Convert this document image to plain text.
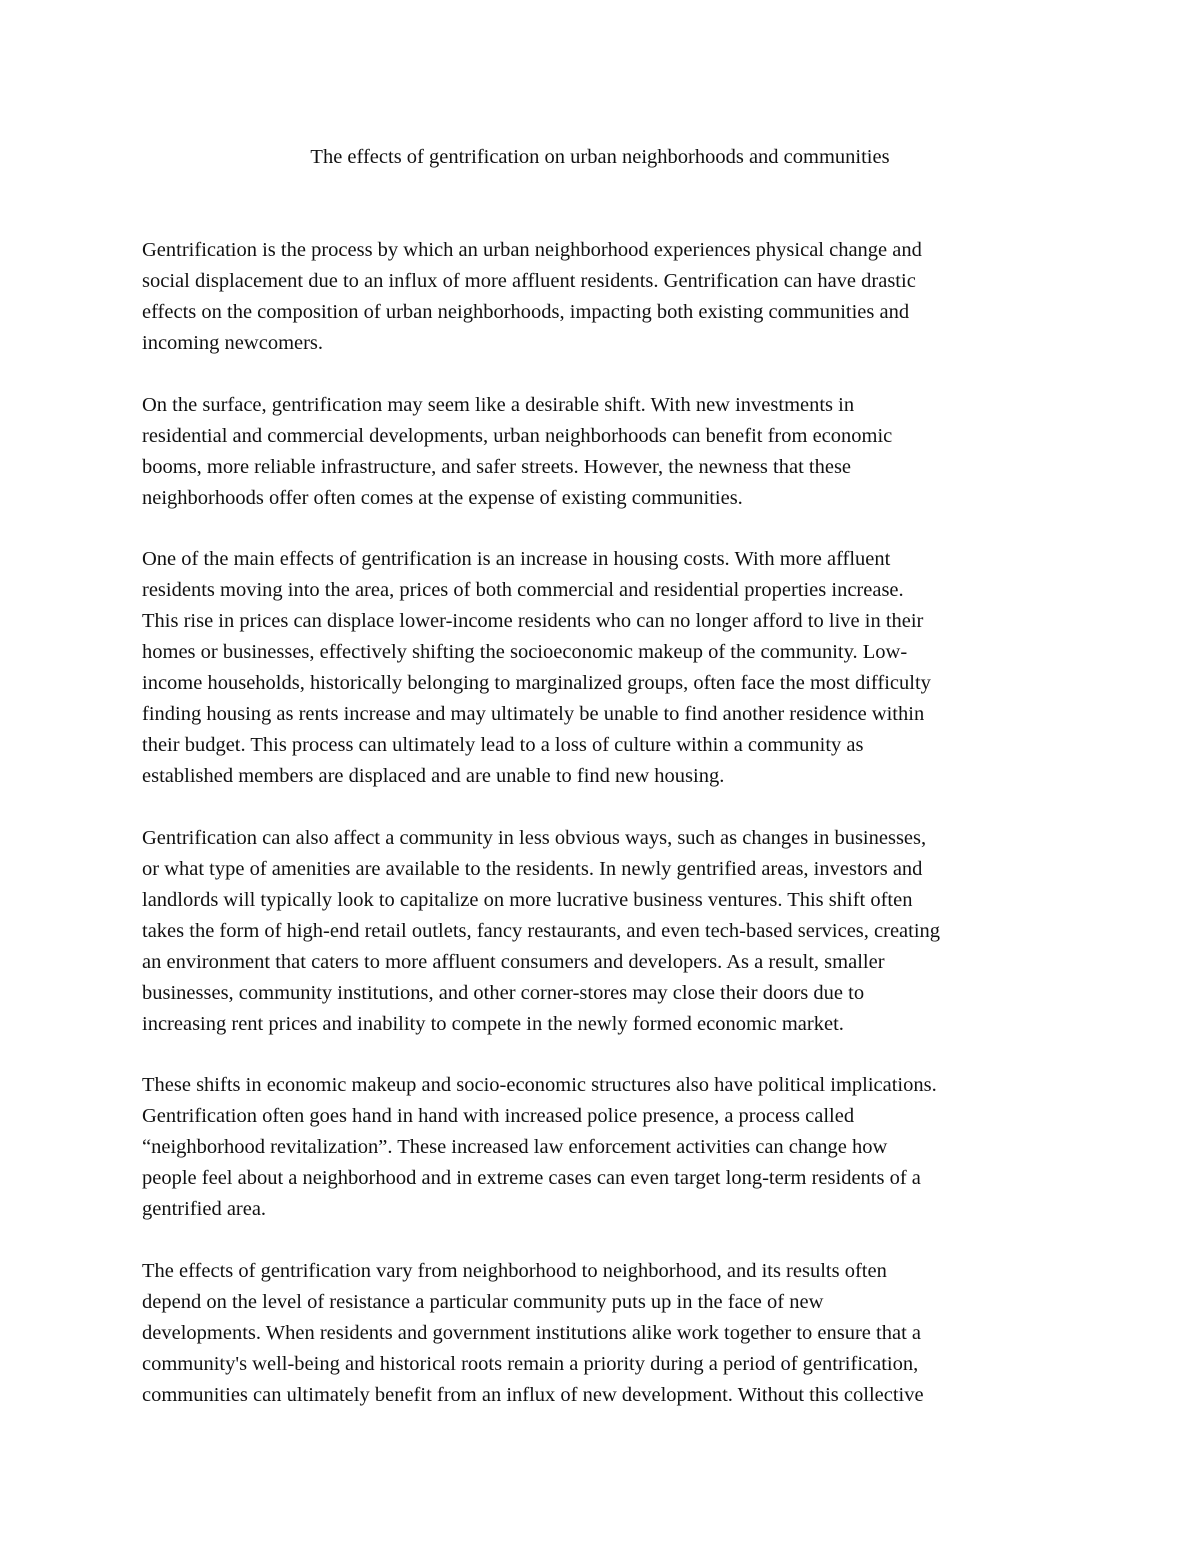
The effects of gentrification on urban neighborhoods and communities

Gentrification is the process by which an urban neighborhood experiences physical change and
social displacement due to an influx of more affluent residents. Gentrification can have drastic
effects on the composition of urban neighborhoods, impacting both existing communities and
incoming newcomers.

On the surface, gentrification may seem like a desirable shift. With new investments in
residential and commercial developments, urban neighborhoods can benefit from economic
booms, more reliable infrastructure, and safer streets. However, the newness that these
neighborhoods offer often comes at the expense of existing communities.

One of the main effects of gentrification is an increase in housing costs. With more affluent
residents moving into the area, prices of both commercial and residential properties increase.
This rise in prices can displace lower-income residents who can no longer afford to live in their
homes or businesses, effectively shifting the socioeconomic makeup of the community. Low-
income households, historically belonging to marginalized groups, often face the most difficulty
finding housing as rents increase and may ultimately be unable to find another residence within
their budget. This process can ultimately lead to a loss of culture within a community as
established members are displaced and are unable to find new housing.

Gentrification can also affect a community in less obvious ways, such as changes in businesses,
or what type of amenities are available to the residents. In newly gentrified areas, investors and
landlords will typically look to capitalize on more lucrative business ventures. This shift often
takes the form of high-end retail outlets, fancy restaurants, and even tech-based services, creating
an environment that caters to more affluent consumers and developers. As a result, smaller
businesses, community institutions, and other corner-stores may close their doors due to
increasing rent prices and inability to compete in the newly formed economic market.

These shifts in economic makeup and socio-economic structures also have political implications.
Gentrification often goes hand in hand with increased police presence, a process called
“neighborhood revitalization”. These increased law enforcement activities can change how
people feel about a neighborhood and in extreme cases can even target long-term residents of a
gentrified area.

The effects of gentrification vary from neighborhood to neighborhood, and its results often
depend on the level of resistance a particular community puts up in the face of new
developments. When residents and government institutions alike work together to ensure that a
community's well-being and historical roots remain a priority during a period of gentrification,
communities can ultimately benefit from an influx of new development. Without this collective
